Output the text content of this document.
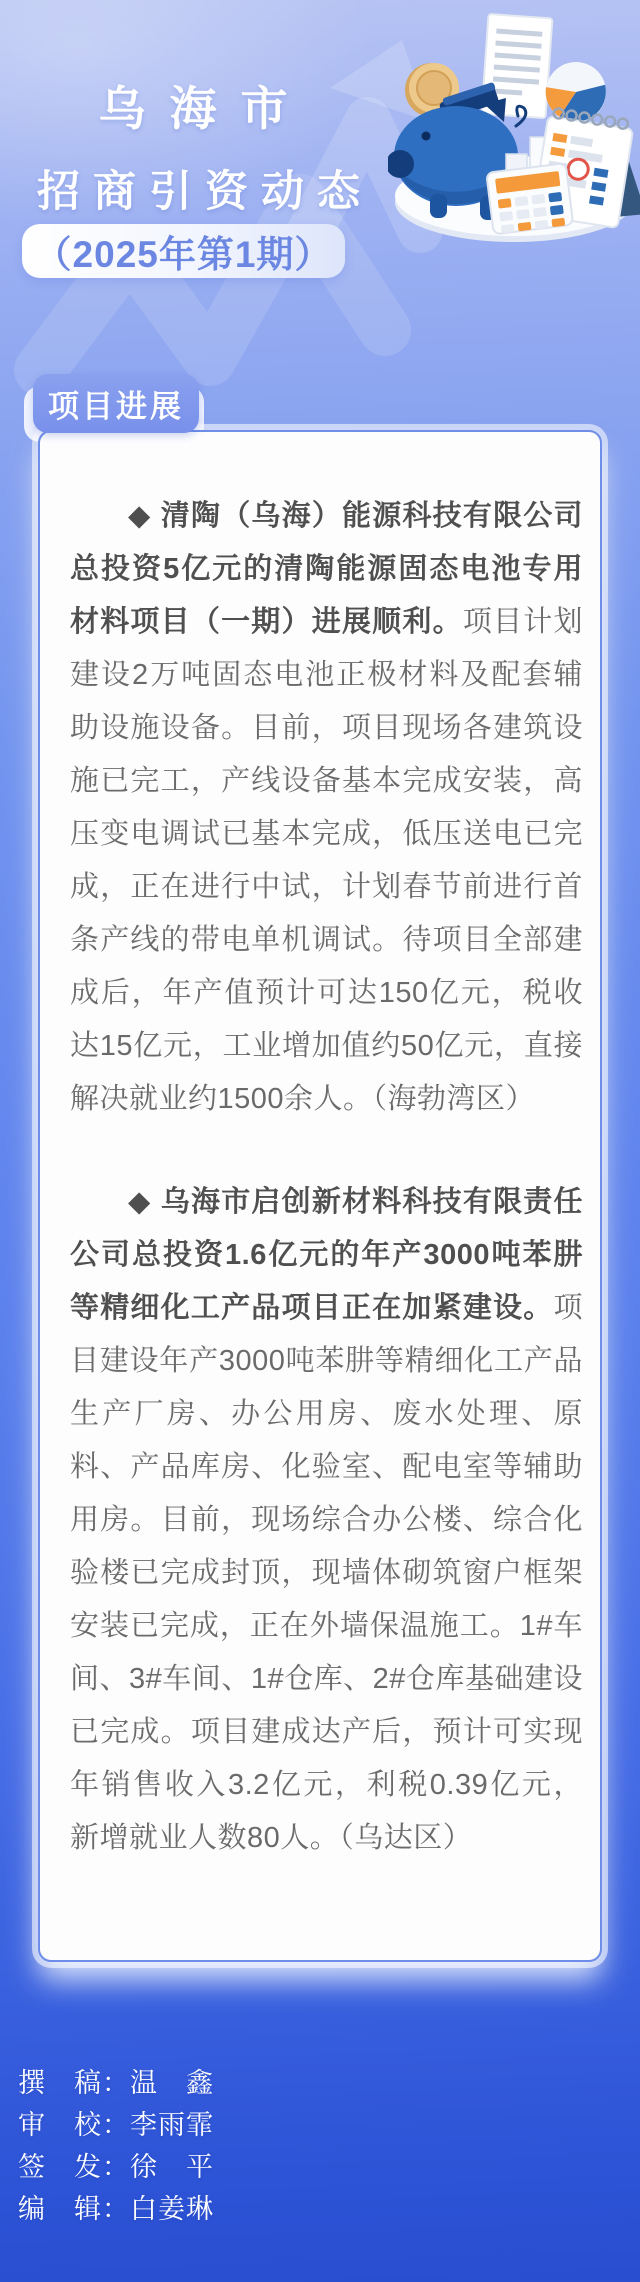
乌海市
招商引资动态
（2025年第1期）
项目进展

◆ 清陶（乌海）能源科技有限公司总投资5亿元的清陶能源固态电池专用材料项目（一期）进展顺利。项目计划建设2万吨固态电池正极材料及配套辅助设施设备。目前，项目现场各建筑设施已完工，产线设备基本完成安装，高压变电调试已基本完成，低压送电已完成，正在进行中试，计划春节前进行首条产线的带电单机调试。待项目全部建成后，年产值预计可达150亿元，税收达15亿元，工业增加值约50亿元，直接解决就业约1500余人。（海勃湾区）

◆ 乌海市启创新材料科技有限责任公司总投资1.6亿元的年产3000吨苯肼等精细化工产品项目正在加紧建设。项目建设年产3000吨苯肼等精细化工产品生产厂房、办公用房、废水处理、原料、产品库房、化验室、配电室等辅助用房。目前，现场综合办公楼、综合化验楼已完成封顶，现墙体砌筑窗户框架安装已完成，正在外墙保温施工。1#车间、3#车间、1#仓库、2#仓库基础建设已完成。项目建成达产后，预计可实现年销售收入3.2亿元，利税0.39亿元，新增就业人数80人。（乌达区）

撰　稿：温　鑫
审　校：李雨霏
签　发：徐　平
编　辑：白姜琳
